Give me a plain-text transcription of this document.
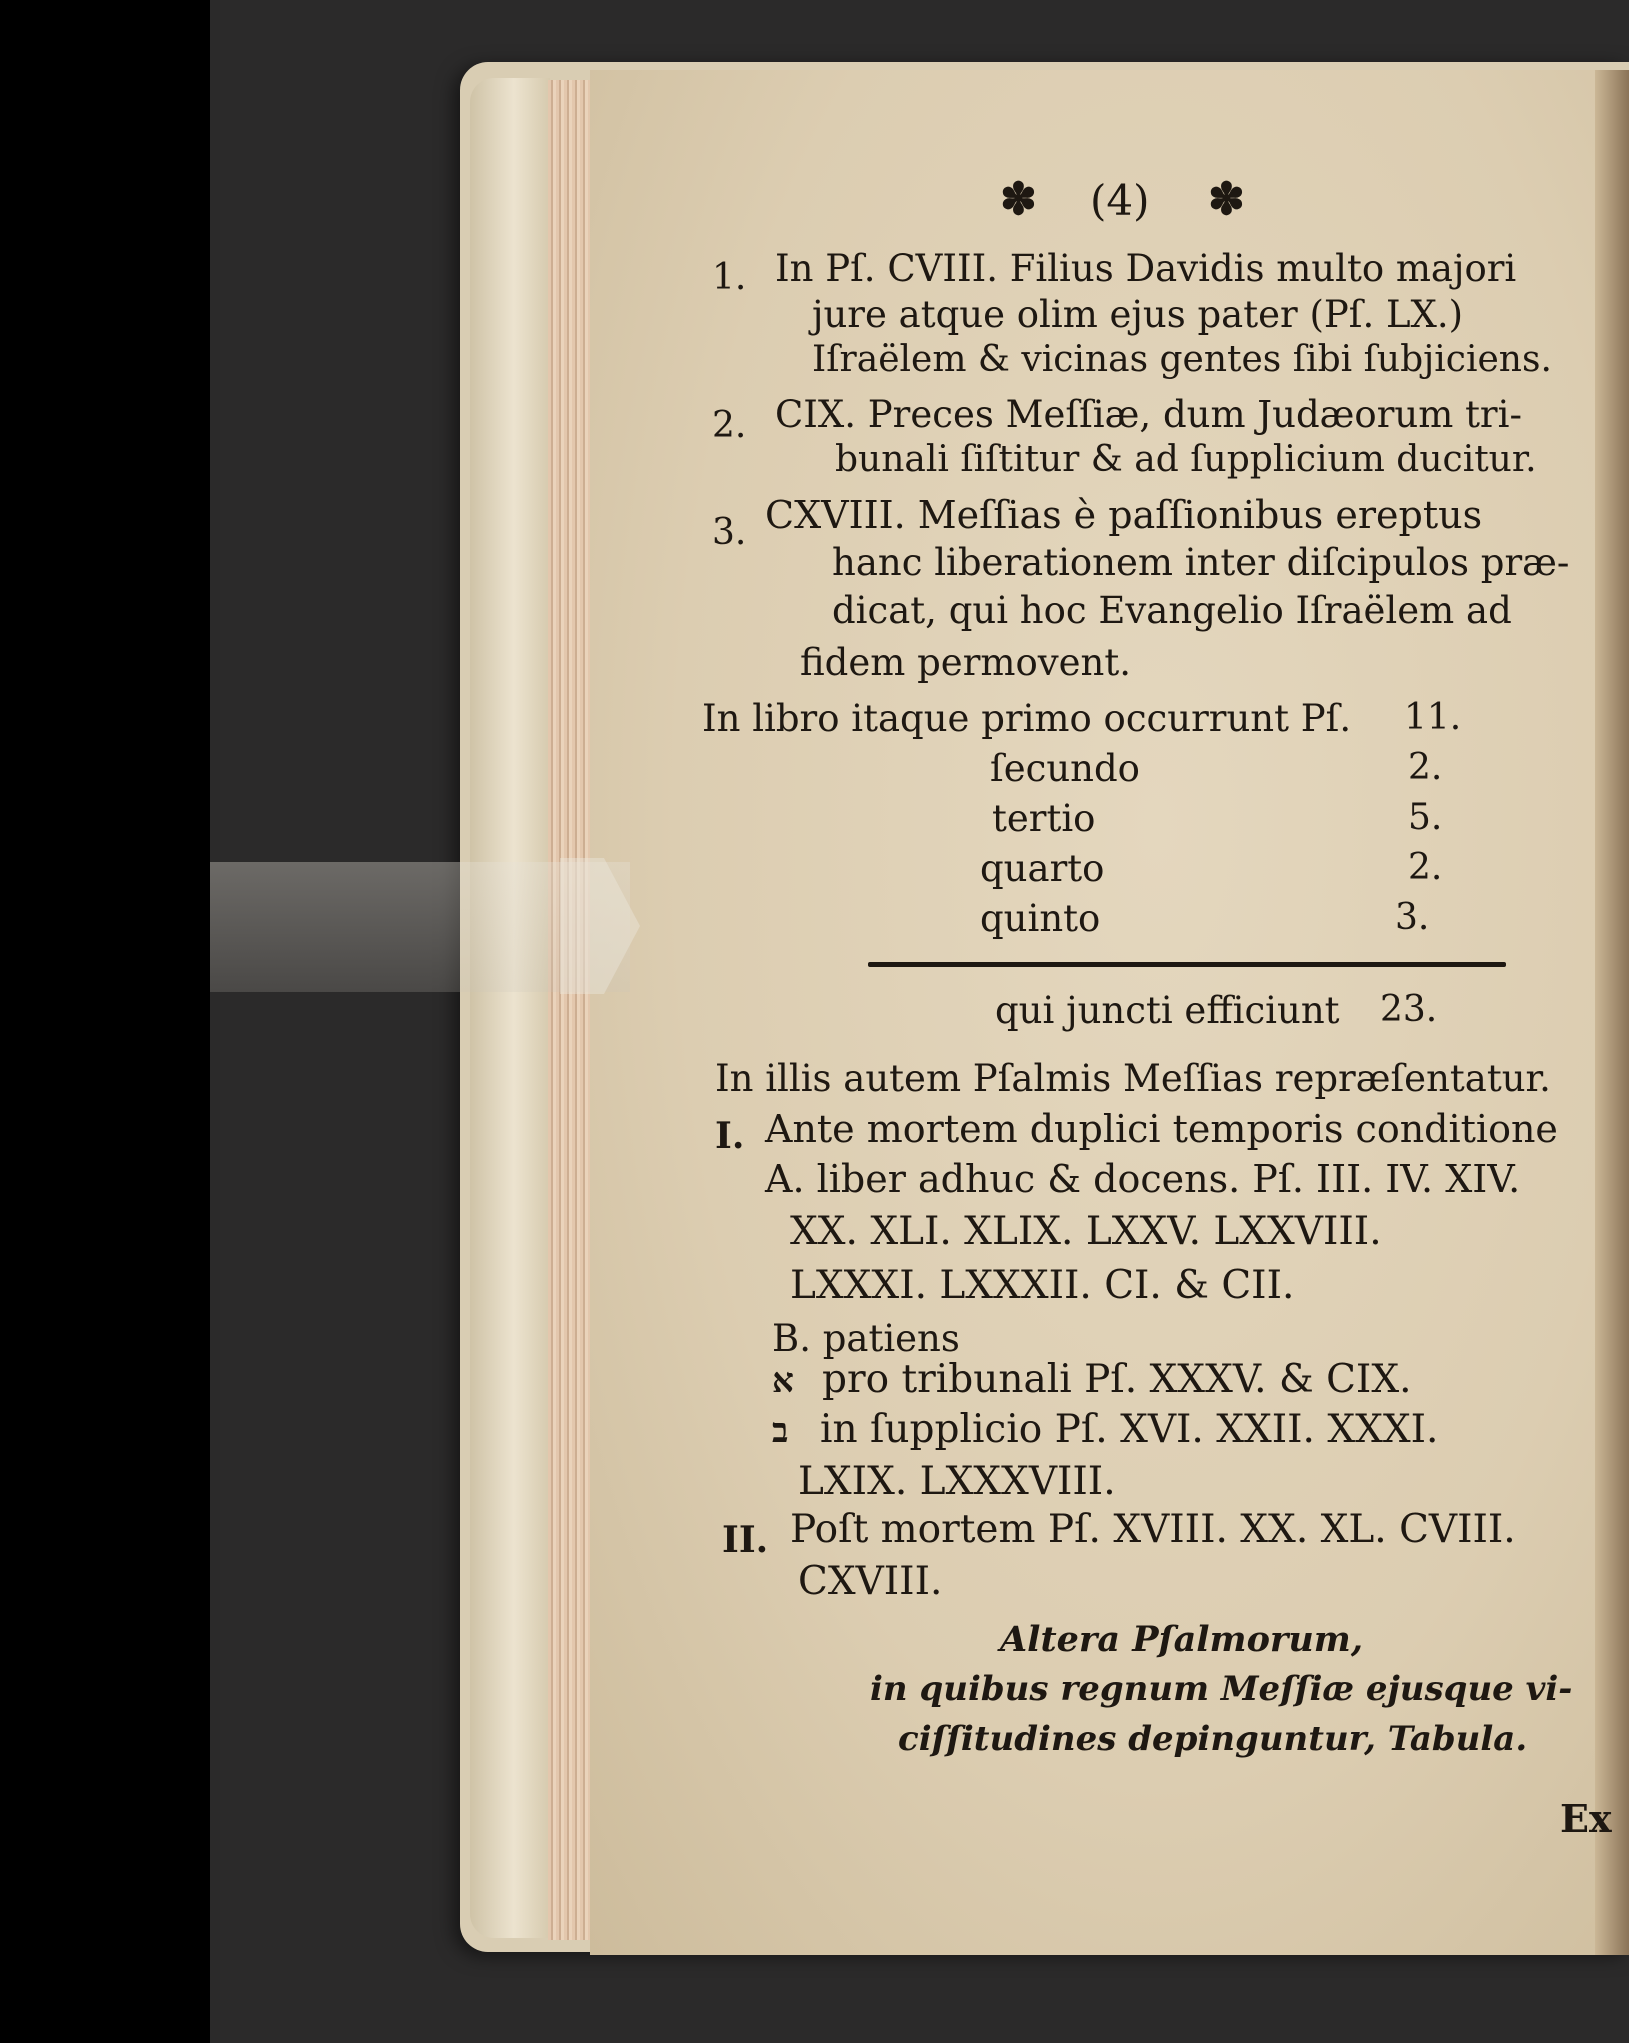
✽ (4) ✽
1. In Pſ. CVIII. Filius Davidis multo majori
jure atque olim ejus pater (Pſ. LX.)
Iſraëlem & vicinas gentes ſibi ſubjiciens.
2. CIX. Preces Meſſiæ, dum Judæorum tri-
bunali ſiſtitur & ad ſupplicium ducitur.
3. CXVIII. Meſſias è paſſionibus ereptus
hanc liberationem inter diſcipulos præ-
dicat, qui hoc Evangelio Iſraëlem ad
fidem permovent.
In libro itaque primo occurrunt Pſ. 11.
ſecundo	2.
tertio	5.
quarto	2.
quinto	3.
qui juncti efficiunt 23.
In illis autem Pſalmis Meſſias repræſentatur.
I. Ante mortem duplici temporis conditione
A. liber adhuc & docens. Pſ. III. IV. XIV.
XX. XLI. XLIX. LXXV. LXXVIII.
LXXXI. LXXXII. CI. & CII.
B. patiens
א pro tribunali Pſ. XXXV. & CIX.
ב in ſupplicio Pſ. XVI. XXII. XXXI.
LXIX. LXXXVIII.
II. Poſt mortem Pſ. XVIII. XX. XL. CVIII.
CXVIII.
Altera Pſalmorum,
in quibus regnum Meſſiæ ejusque vi-
ciſſitudines depinguntur, Tabula.
Ex
